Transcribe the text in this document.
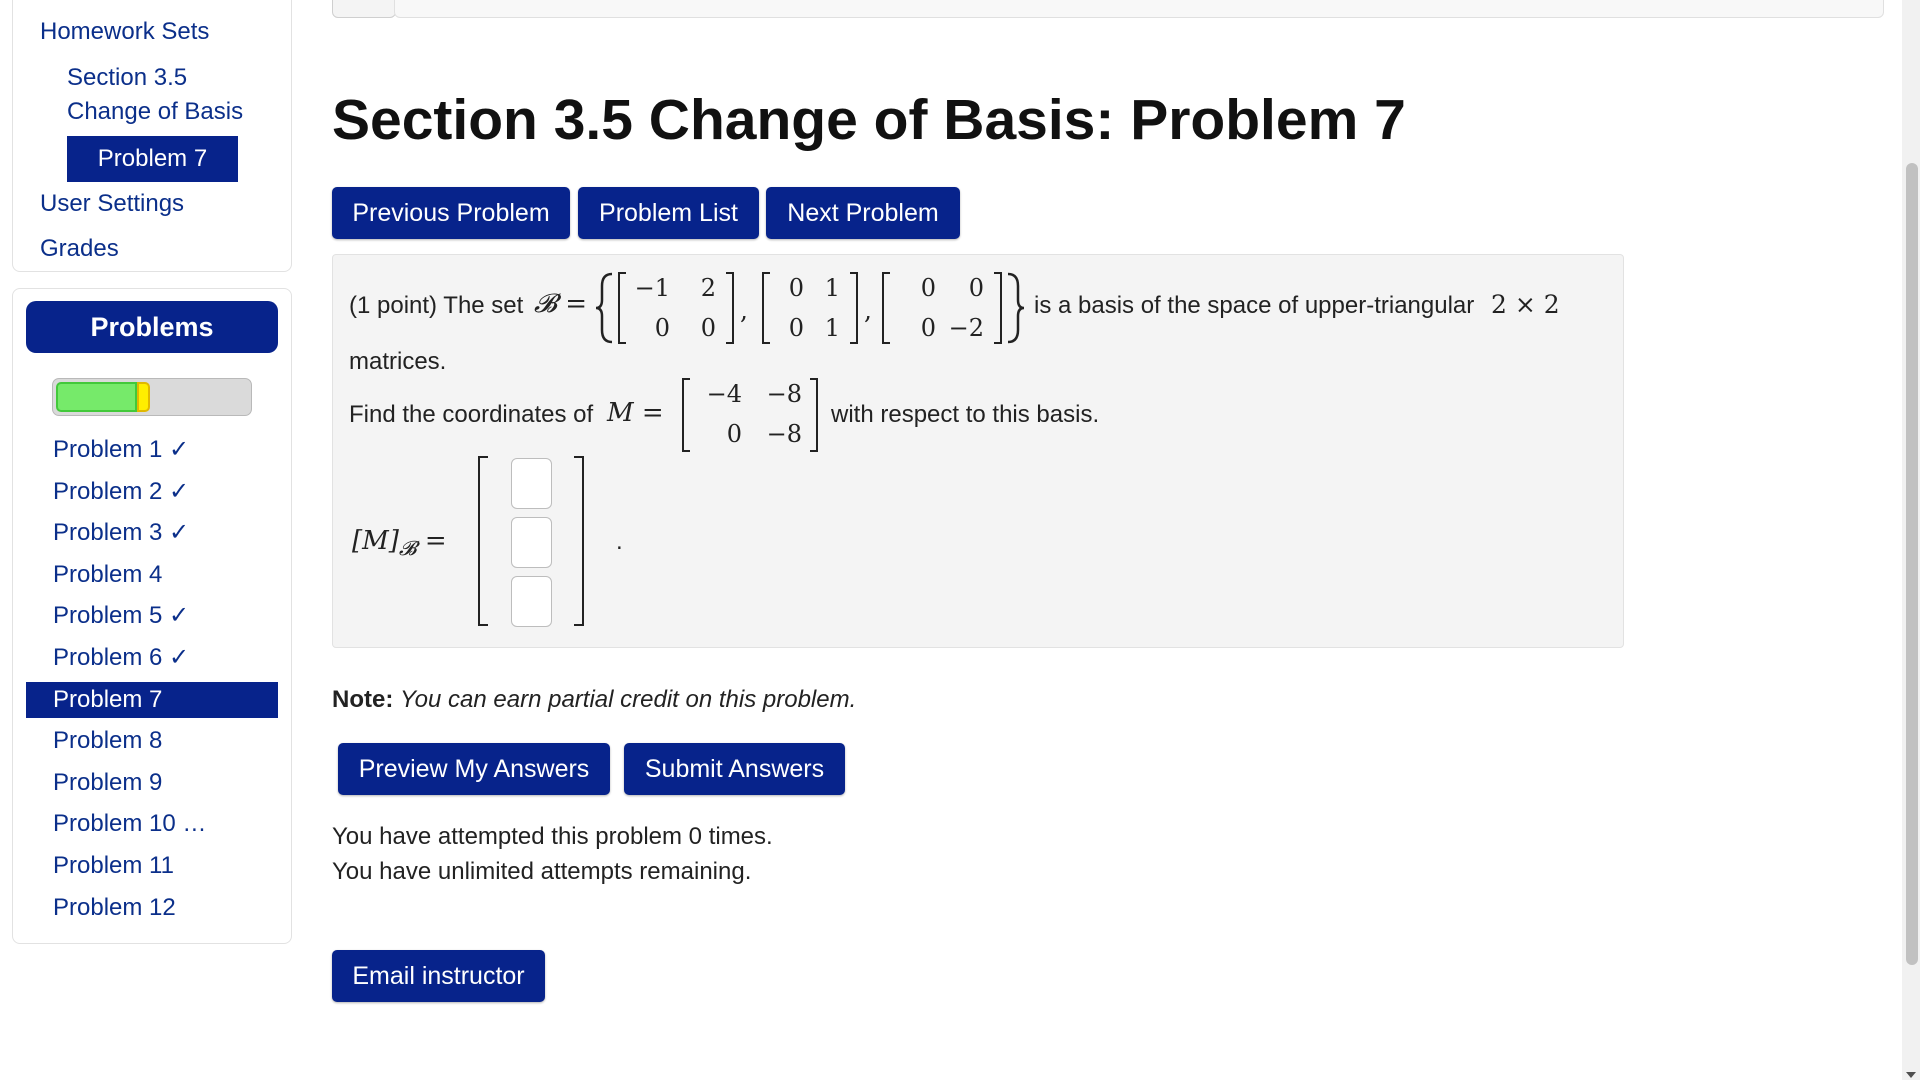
Homework Sets
Section 3.5
Change of Basis
Problem 7
User Settings
Grades
Problems
Problem 1 ✓
Problem 2 ✓
Problem 3 ✓
Problem 4
Problem 5 ✓
Problem 6 ✓
Problem 7
Problem 8
Problem 9
Problem 10 …
Problem 11
Problem 12
Section 3.5 Change of Basis: Problem 7
Previous Problem	Problem List	Next Problem
(1 point) The set 𝓑 =
−1	2
0	0
,
0 1
0 1
,
0	0
0 −2
is a basis of the space of upper-triangular 2 × 2
matrices.
Find the coordinates of M =
−4	−8
0	−8
with respect to this basis.
$[M]_𝓑$ =	.
Note: You can earn partial credit on this problem.
Preview My Answers	Submit Answers
You have attempted this problem 0 times.
You have unlimited attempts remaining.
Email instructor
